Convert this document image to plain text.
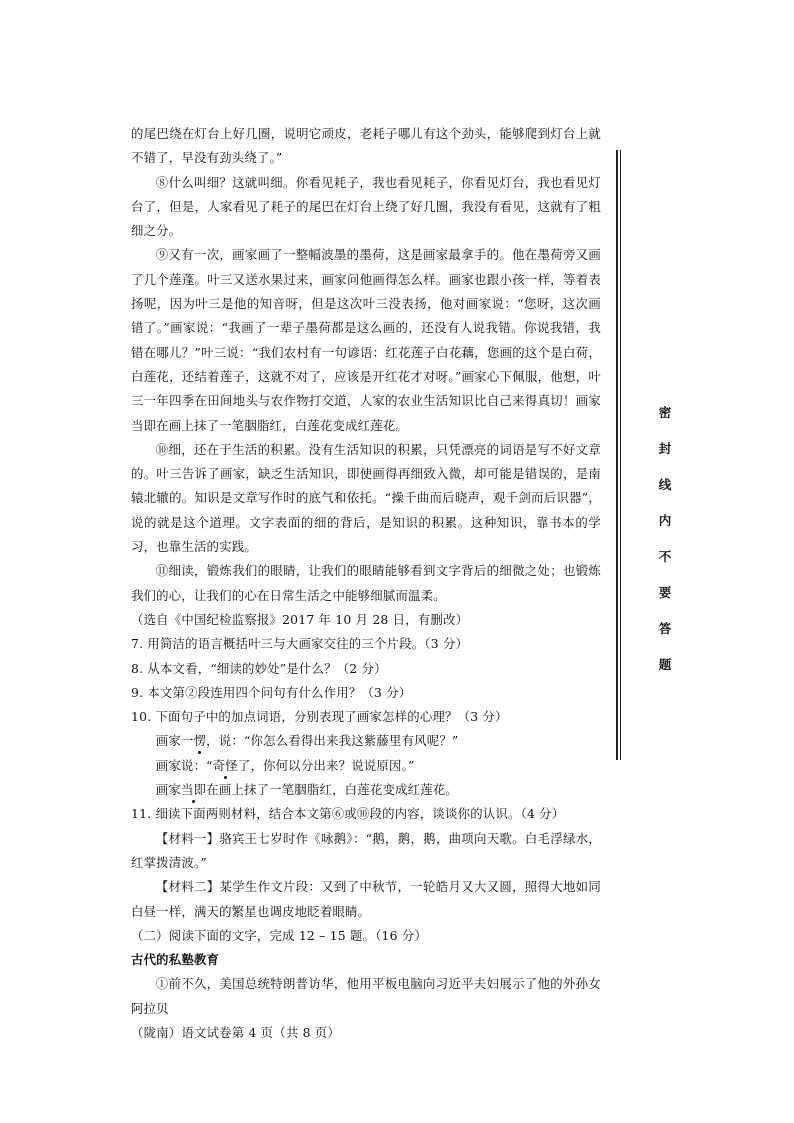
的尾巴绕在灯台上好几圈，说明它顽皮，老耗子哪儿有这个劲头，能够爬到灯台上就不错了，早没有劲头绕了。”

⑧什么叫细？这就叫细。你看见耗子，我也看见耗子，你看见灯台，我也看见灯台了，但是，人家看见了耗子的尾巴在灯台上绕了好几圈，我没有看见，这就有了粗细之分。

⑨又有一次，画家画了一整幅波墨的墨荷，这是画家最拿手的。他在墨荷旁又画了几个莲蓬。叶三又送水果过来，画家问他画得怎么样。画家也跟小孩一样，等着表扬呢，因为叶三是他的知音呀，但是这次叶三没表扬，他对画家说：“您呀，这次画错了。”画家说：“我画了一辈子墨荷都是这么画的，还没有人说我错。你说我错，我错在哪儿？”叶三说：“我们农村有一句谚语：红花莲子白花藕，您画的这个是白荷，白莲花，还结着莲子，这就不对了，应该是开红花才对呀。”画家心下佩服，他想，叶三一年四季在田间地头与农作物打交道，人家的农业生活知识比自己来得真切！画家当即在画上抹了一笔胭脂红，白莲花变成红莲花。

⑩细，还在于生活的积累。没有生活知识的积累，只凭漂亮的词语是写不好文章的。叶三告诉了画家，缺乏生活知识，即使画得再细致入微，却可能是错误的，是南辕北辙的。知识是文章写作时的底气和依托。“操千曲而后晓声，观千剑而后识器”，说的就是这个道理。文字表面的细的背后，是知识的积累。这种知识，靠书本的学习，也靠生活的实践。

⑪细读，锻炼我们的眼睛，让我们的眼睛能够看到文字背后的细微之处；也锻炼我们的心，让我们的心在日常生活之中能够细腻而温柔。

（选自《中国纪检监察报》2017 年 10 月 28 日，有删改）

7. 用简洁的语言概括叶三与大画家交往的三个片段。（3 分）

8. 从本文看，“细读的妙处”是什么？（2 分）

9. 本文第②段连用四个问句有什么作用？（3 分）

10. 下面句子中的加点词语，分别表现了画家怎样的心理？（3 分）

画家一愣，说：“你怎么看得出来我这紫藤里有风呢？”

画家说：“奇怪了，你何以分出来？说说原因。”

画家当即在画上抹了一笔胭脂红，白莲花变成红莲花。

11. 细读下面两则材料，结合本文第⑥或⑩段的内容，谈谈你的认识。（4 分）

【材料一】骆宾王七岁时作《咏鹅》：“鹅，鹅，鹅，曲项向天歌。白毛浮绿水，红掌拨清波。”

【材料二】某学生作文片段：又到了中秋节，一轮皓月又大又圆，照得大地如同白昼一样，满天的繁星也调皮地眨着眼睛。

（二）阅读下面的文字，完成 12 – 15 题。（16 分）

古代的私塾教育

①前不久，美国总统特朗普访华，他用平板电脑向习近平夫妇展示了他的外孙女阿拉贝

（陇南）语文试卷第 4 页（共 8 页）

密
封
线
内
不
要
答
题
